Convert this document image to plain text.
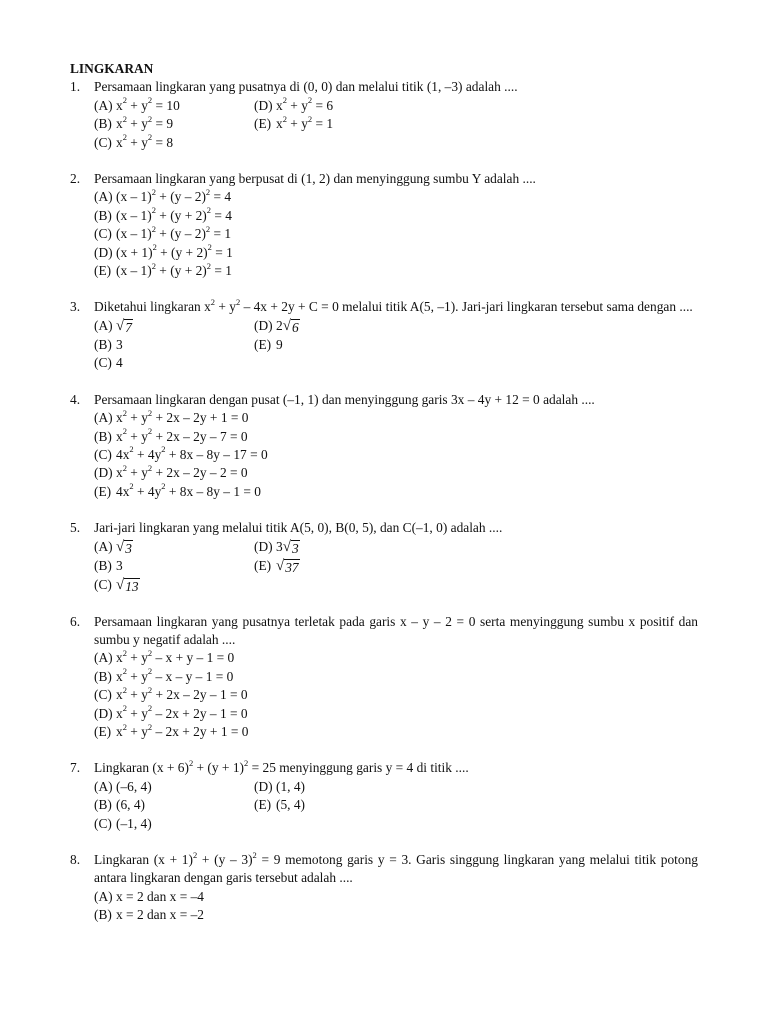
LINGKARAN
1. Persamaan lingkaran yang pusatnya di (0, 0) dan melalui titik (1, –3) adalah ....
(A) $x^2 + y^2 = 10$	(D) $x^2 + y^2 = 6$
(B) $x^2 + y^2 = 9$	(E) $x^2 + y^2 = 1$
(C) $x^2 + y^2 = 8$
2. Persamaan lingkaran yang berpusat di (1, 2) dan menyinggung sumbu Y adalah ....
(A) (x – 1)$^2$ + (y – 2)$^2$ = 4
(B) $(x - 1)^2 + (y + 2)^2 = 4$
(C) (x – 1)$^2$ + (y – 2)$^2$ = 1
(D) $(x + 1)^2 + (y + 2)^2 = 1$
(E) $(x - 1)^2 + (y + 2)^2 = 1$
3. Diketahui lingkaran $x^2 + y^2 - 4x + 2y + C = 0$ melalui titik A(5, –1). Jari-jari lingkaran tersebut sama dengan ....
(A) √ 7	(D) 2 √ 6
(B) 3	(E) 9
(C) 4
4. Persamaan lingkaran dengan pusat (–1, 1) dan menyinggung garis 3x – 4y + 12 = 0 adalah ....
(A) $x^2 + y^2 + 2x - 2y + 1 = 0$
(B) $x^2 + y^2 + 2x - 2y - 7 = 0$
(C) $4x^2 + 4y^2 + 8x - 8y - 17 = 0$
(D) $x^2 + y^2 + 2x - 2y - 2 = 0$
(E) $4x^2 + 4y^2 + 8x - 8y - 1 = 0$
5. Jari-jari lingkaran yang melalui titik A(5, 0), B(0, 5), dan C(–1, 0) adalah ....
(A) √ 3	(D) 3 √ 3
(B) 3	(E) √ 37
(C) √ 13
6. Persamaan lingkaran yang pusatnya terletak pada garis x – y – 2 = 0 serta menyinggung sumbu x positif dan sumbu y negatif adalah ....
(A) $x^2 + y^2 - x + y - 1 = 0$
(B) $x^2 + y^2 - x - y - 1 = 0$
(C) $x^2 + y^2 + 2x - 2y - 1 = 0$
(D) $x^2 + y^2 - 2x + 2y - 1 = 0$
(E) $x^2 + y^2 - 2x + 2y + 1 = 0$
7. Lingkaran $(x + 6)^2 + (y + 1)^2 = 25$ menyinggung garis y = 4 di titik ....
(A) (–6, 4)	(D) (1, 4)
(B) (6, 4)	(E) (5, 4)
(C) (–1, 4)
8. Lingkaran $(x + 1)^2 + (y - 3)^2 = 9$ memotong garis y = 3. Garis singgung lingkaran yang melalui titik potong antara lingkaran dengan garis tersebut adalah ....
(A) x = 2 dan x = –4
(B) x = 2 dan x = –2
